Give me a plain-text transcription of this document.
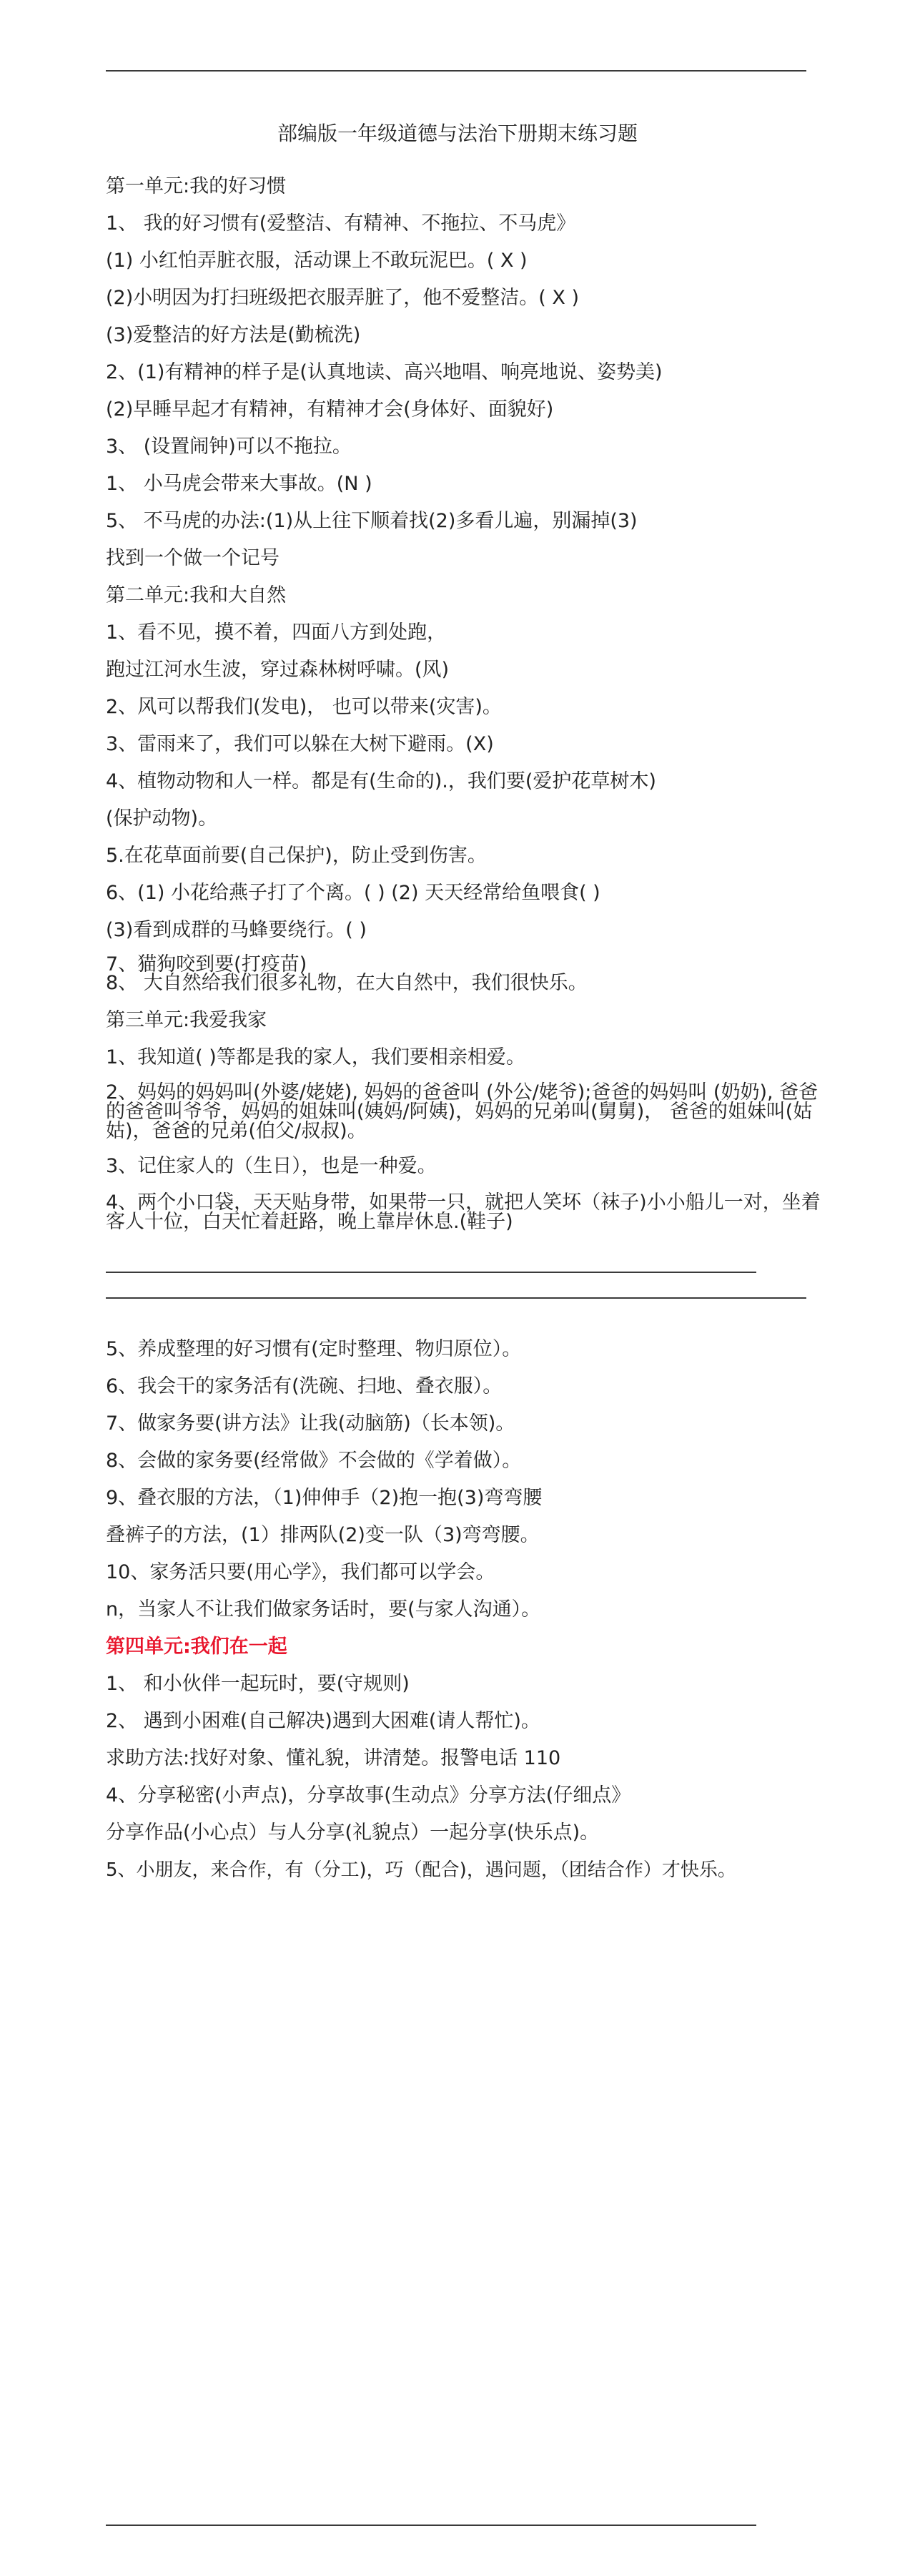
部编版一年级道德与法治下册期末练习题

第一单元:我的好习惯

1、 我的好习惯有(爱整洁、有精神、不拖拉、不马虎》

(1) 小红怕弄脏衣服，活动课上不敢玩泥巴。( X )

(2)小明因为打扫班级把衣服弄脏了，他不爱整洁。( X )

(3)爱整洁的好方法是(勤梳洗)

2、(1)有精神的样子是(认真地读、高兴地唱、响亮地说、姿势美)

(2)早睡早起才有精神，有精神才会(身体好、面貌好)

3、 (设置闹钟)可以不拖拉。

1、 小马虎会带来大事故。(N )

5、 不马虎的办法:(1)从上往下顺着找(2)多看儿遍，别漏掉(3)

找到一个做一个记号

第二单元:我和大自然

1、看不见，摸不着，四面八方到处跑，

跑过江河水生波，穿过森林树呼啸。(风)

2、风可以帮我们(发电)， 也可以带来(灾害)。

3、雷雨来了，我们可以躲在大树下避雨。(X)

4、植物动物和人一样。都是有(生命的).，我们要(爱护花草树木)

(保护动物)。

5.在花草面前要(自己保护)，防止受到伤害。

6、(1) 小花给燕子打了个离。( ) (2) 天天经常给鱼喂食( )

(3)看到成群的马蜂要绕行。( )

7、猫狗咬到要(打疫苗)

8、 大自然给我们很多礼物，在大自然中，我们很快乐。

第三单元:我爱我家

1、我知道( )等都是我的家人，我们要相亲相爱。

2、妈妈的妈妈叫(外婆/姥姥), 妈妈的爸爸叫 (外公/姥爷);爸爸的妈妈叫 (奶奶), 爸爸的爸爸叫爷爷，妈妈的姐妹叫(姨妈/阿姨)，妈妈的兄弟叫(舅舅)， 爸爸的姐妹叫(姑姑)，爸爸的兄弟(伯父/叔叔)。

3、记住家人的（生日），也是一种爱。

4、两个小口袋，天天贴身带，如果带一只，就把人笑坏（袜子)小小船儿一对，坐着客人十位，白天忙着赶路，晚上靠岸休息.(鞋子)

5、养成整理的好习惯有(定时整理、物归原位）。

6、我会干的家务活有(洗碗、扫地、叠衣服）。

7、做家务要(讲方法》让我(动脑筋)（长本领)。

8、会做的家务要(经常做》不会做的《学着做）。

9、叠衣服的方法，（1)伸伸手（2)抱一抱(3)弯弯腰

叠裤子的方法，(1）排两队(2)变一队（3)弯弯腰。

10、家务活只要(用心学》，我们都可以学会。

n，当家人不让我们做家务话时，要(与家人沟通）。

第四单元:我们在一起

1、 和小伙伴一起玩时，要(守规则)

2、 遇到小困难(自己解决)遇到大困难(请人帮忙)。

求助方法:找好对象、懂礼貌，讲清楚。报警电话 110

4、分享秘密(小声点)，分享故事(生动点》分享方法(仔细点》

分享作品(小心点）与人分享(礼貌点）一起分享(快乐点)。

5、小朋友，来合作，有（分工)，巧（配合)，遇问题，（团结合作）才快乐。
